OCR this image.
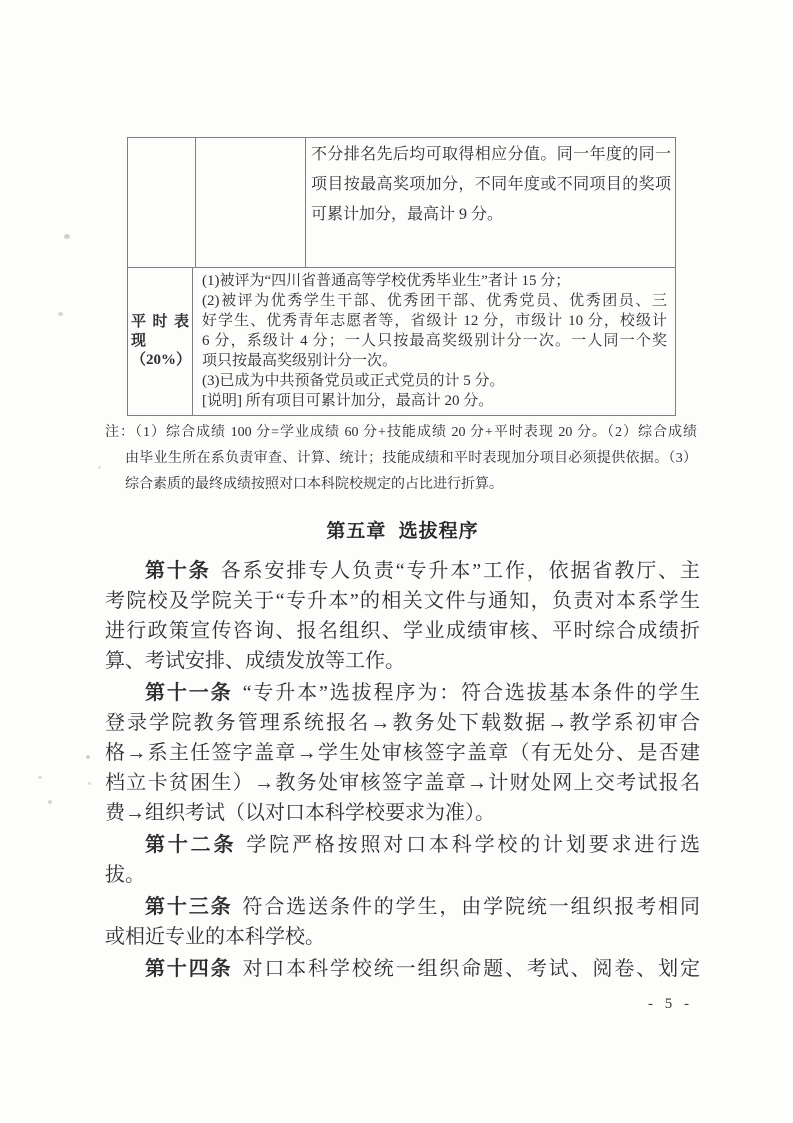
不分排名先后均可取得相应分值。同一年度的同一
项目按最高奖项加分，不同年度或不同项目的奖项
可累计加分，最高计 9 分。
平时表
现
（20%）
(1)被评为“四川省普通高等学校优秀毕业生”者计 15 分；
(2)被评为优秀学生干部、优秀团干部、优秀党员、优秀团员、三
好学生、优秀青年志愿者等，省级计 12 分，市级计 10 分，校级计
6 分，系级计 4 分；一人只按最高奖级别计分一次。一人同一个奖
项只按最高奖级别计分一次。
(3)已成为中共预备党员或正式党员的计 5 分。
[说明] 所有项目可累计加分，最高计 20 分。
注：（1）综合成绩 100 分=学业成绩 60 分+技能成绩 20 分+平时表现 20 分。（2）综合成绩
由毕业生所在系负责审查、计算、统计；技能成绩和平时表现加分项目必须提供依据。（3）
综合素质的最终成绩按照对口本科院校规定的占比进行折算。
第五章 选拔程序
第十条 各系安排专人负责“专升本”工作，依据省教厅、主
考院校及学院关于“专升本”的相关文件与通知，负责对本系学生
进行政策宣传咨询、报名组织、学业成绩审核、平时综合成绩折
算、考试安排、成绩发放等工作。
第十一条 “专升本”选拔程序为：符合选拔基本条件的学生
登录学院教务管理系统报名→教务处下载数据→教学系初审合
格→系主任签字盖章→学生处审核签字盖章（有无处分、是否建
档立卡贫困生）→教务处审核签字盖章→计财处网上交考试报名
费→组织考试（以对口本科学校要求为准）。
第十二条 学院严格按照对口本科学校的计划要求进行选
拔。
第十三条 符合选送条件的学生，由学院统一组织报考相同
或相近专业的本科学校。
第十四条 对口本科学校统一组织命题、考试、阅卷、划定
- 5 -
